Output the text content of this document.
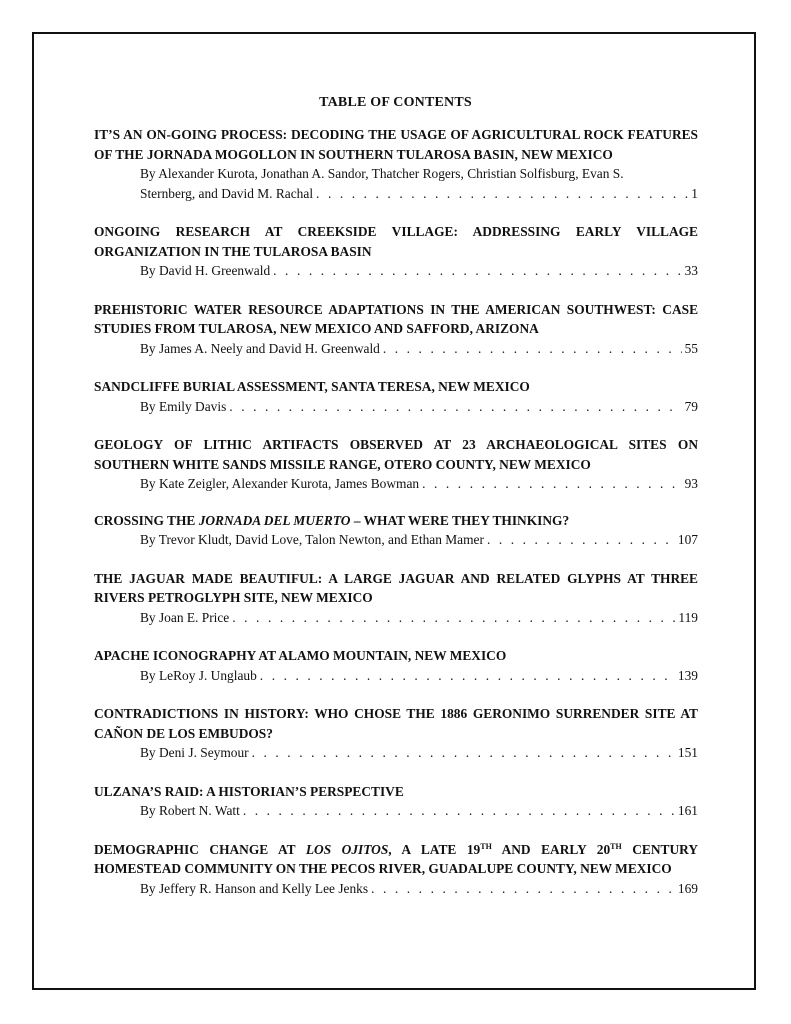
TABLE OF CONTENTS
IT’S AN ON-GOING PROCESS: DECODING THE USAGE OF AGRICULTURAL ROCK FEATURES OF THE JORNADA MOGOLLON IN SOUTHERN TULAROSA BASIN, NEW MEXICO
By Alexander Kurota, Jonathan A. Sandor, Thatcher Rogers, Christian Solfisburg, Evan S.
Sternberg, and David M. Rachal . . .	1
ONGOING RESEARCH AT CREEKSIDE VILLAGE: ADDRESSING EARLY VILLAGE ORGANIZATION IN THE TULAROSA BASIN
By David H. Greenwald . . .	33
PREHISTORIC WATER RESOURCE ADAPTATIONS IN THE AMERICAN SOUTHWEST: CASE STUDIES FROM TULAROSA, NEW MEXICO AND SAFFORD, ARIZONA
By James A. Neely and David H. Greenwald . . .	55
SANDCLIFFE BURIAL ASSESSMENT, SANTA TERESA, NEW MEXICO
By Emily Davis . . .	79
GEOLOGY OF LITHIC ARTIFACTS OBSERVED AT 23 ARCHAEOLOGICAL SITES ON SOUTHERN WHITE SANDS MISSILE RANGE, OTERO COUNTY, NEW MEXICO
By Kate Zeigler, Alexander Kurota, James Bowman . . .	93
CROSSING THE JORNADA DEL MUERTO – WHAT WERE THEY THINKING?
By Trevor Kludt, David Love, Talon Newton, and Ethan Mamer . . .	107
THE JAGUAR MADE BEAUTIFUL: A LARGE JAGUAR AND RELATED GLYPHS AT THREE RIVERS PETROGLYPH SITE, NEW MEXICO
By Joan E. Price . . .	119
APACHE ICONOGRAPHY AT ALAMO MOUNTAIN, NEW MEXICO
By LeRoy J. Unglaub . . .	139
CONTRADICTIONS IN HISTORY: WHO CHOSE THE 1886 GERONIMO SURRENDER SITE AT CAÑON DE LOS EMBUDOS?
By Deni J. Seymour . . .	151
ULZANA’S RAID: A HISTORIAN’S PERSPECTIVE
By Robert N. Watt . . .	161
DEMOGRAPHIC CHANGE AT LOS OJITOS, A LATE 19TH AND EARLY 20TH CENTURY HOMESTEAD COMMUNITY ON THE PECOS RIVER, GUADALUPE COUNTY, NEW MEXICO
By Jeffery R. Hanson and Kelly Lee Jenks . . .	169
